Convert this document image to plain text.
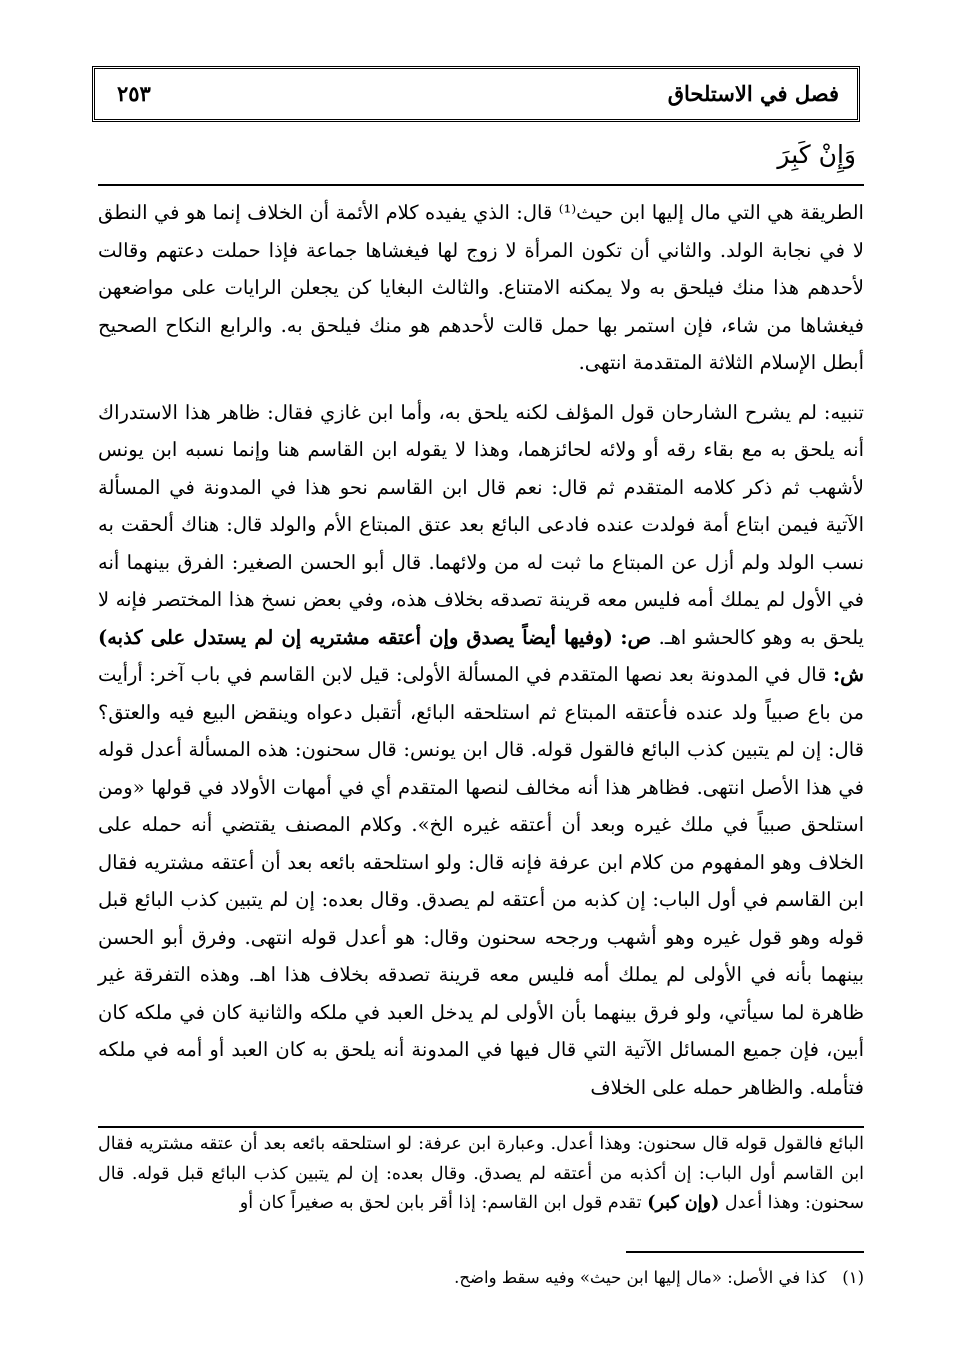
فصل في الاستلحاق
٢٥٣
وَإِنْ كَبِرَ

الطريقة هي التي مال إليها ابن حيث⁽¹⁾ قال: الذي يفيده كلام الأئمة أن الخلاف إنما هو في النطق لا في نجابة الولد. والثاني أن تكون المرأة لا زوج لها فيغشاها جماعة فإذا حملت دعتهم وقالت لأحدهم هذا منك فيلحق به ولا يمكنه الامتناع. والثالث البغايا كن يجعلن الرايات على مواضعهن فيغشاها من شاء، فإن استمر بها حمل قالت لأحدهم هو منك فيلحق به. والرابع النكاح الصحيح أبطل الإسلام الثلاثة المتقدمة انتهى.

تنبيه: لم يشرح الشارحان قول المؤلف لكنه يلحق به، وأما ابن غازي فقال: ظاهر هذا الاستدراك أنه يلحق به مع بقاء رقه أو ولائه لحائزهما، وهذا لا يقوله ابن القاسم هنا وإنما نسبه ابن يونس لأشهب ثم ذكر كلامه المتقدم ثم قال: نعم قال ابن القاسم نحو هذا في المدونة في المسألة الآتية فيمن ابتاع أمة فولدت عنده فادعى البائع بعد عتق المبتاع الأم والولد قال: هناك ألحقت به نسب الولد ولم أزل عن المبتاع ما ثبت له من ولائهما. قال أبو الحسن الصغير: الفرق بينهما أنه في الأول لم يملك أمه فليس معه قرينة تصدقه بخلاف هذه، وفي بعض نسخ هذا المختصر فإنه لا يلحق به وهو كالحشو اهـ. ص: (وفيها أيضاً يصدق وإن أعتقه مشتريه إن لم يستدل على كذبه) ش: قال في المدونة بعد نصها المتقدم في المسألة الأولى: قيل لابن القاسم في باب آخر: أرأيت من باع صبياً ولد عنده فأعتقه المبتاع ثم استلحقه البائع، أتقبل دعواه وينقض البيع فيه والعتق؟ قال: إن لم يتبين كذب البائع فالقول قوله. قال ابن يونس: قال سحنون: هذه المسألة أعدل قوله في هذا الأصل انتهى. فظاهر هذا أنه مخالف لنصها المتقدم أي في أمهات الأولاد في قولها «ومن استلحق صبياً في ملك غيره وبعد أن أعتقه غيره الخ». وكلام المصنف يقتضي أنه حمله على الخلاف وهو المفهوم من كلام ابن عرفة فإنه قال: ولو استلحقه بائعه بعد أن أعتقه مشتريه فقال ابن القاسم في أول الباب: إن كذبه من أعتقه لم يصدق. وقال بعده: إن لم يتبين كذب البائع قبل قوله وهو قول غيره وهو أشهب ورجحه سحنون وقال: هو أعدل قوله انتهى. وفرق أبو الحسن بينهما بأنه في الأولى لم يملك أمه فليس معه قرينة تصدقه بخلاف هذا اهـ. وهذه التفرقة غير ظاهرة لما سيأتي، ولو فرق بينهما بأن الأولى لم يدخل العبد في ملكه والثانية كان في ملكه كان أبين، فإن جميع المسائل الآتية التي قال فيها في المدونة أنه يلحق به كان العبد أو أمه في ملكه فتأمله. والظاهر حمله على الخلاف

البائع فالقول قوله قال سحنون: وهذا أعدل. وعبارة ابن عرفة: لو استلحقه بائعه بعد أن عتقه مشتريه فقال ابن القاسم أول الباب: إن أكذبه من أعتقه لم يصدق. وقال بعده: إن لم يتبين كذب البائع قبل قوله. قال سحنون: وهذا أعدل (وإن كبر) تقدم قول ابن القاسم: إذا أقر بابن لحق به صغيراً كان أو
(١)   كذا في الأصل: «مال إليها ابن حيث» وفيه سقط واضح.
